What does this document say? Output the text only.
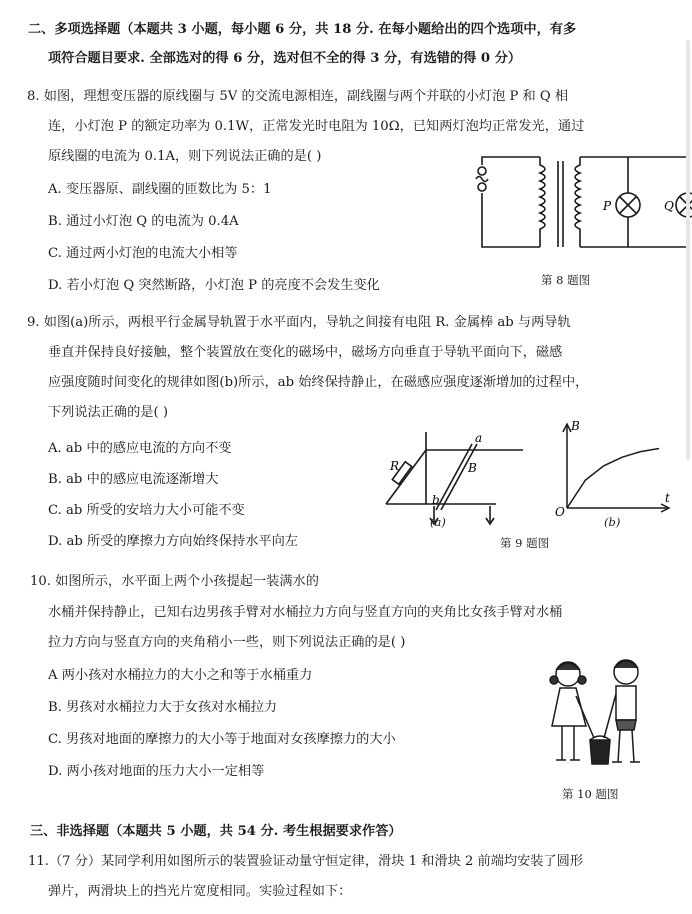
二、多项选择题（本题共 3 小题，每小题 6 分，共 18 分. 在每小题给出的四个选项中，有多
项符合题目要求. 全部选对的得 6 分，选对但不全的得 3 分，有选错的得 0 分）
8. 如图，理想变压器的原线圈与 5V 的交流电源相连，副线圈与两个并联的小灯泡 P 和 Q 相
连，小灯泡 P 的额定功率为 0.1W，正常发光时电阻为 10Ω，已知两灯泡均正常发光，通过
原线圈的电流为 0.1A，则下列说法正确的是( )
A. 变压器原、副线圈的匝数比为 5：1
B. 通过小灯泡 Q 的电流为 0.4A
C. 通过两小灯泡的电流大小相等
D. 若小灯泡 Q 突然断路，小灯泡 P 的亮度不会发生变化
P	Q
第 8 题图
9. 如图(a)所示，两根平行金属导轨置于水平面内，导轨之间接有电阻 R. 金属棒 ab 与两导轨
垂直并保持良好接触，整个装置放在变化的磁场中，磁场方向垂直于导轨平面向下，磁感
应强度随时间变化的规律如图(b)所示，ab 始终保持静止，在磁感应强度逐渐增加的过程中，
下列说法正确的是( )
A. ab 中的感应电流的方向不变
B. ab 中的感应电流逐渐增大
C. ab 所受的安培力大小可能不变
D. ab 所受的摩擦力方向始终保持水平向左
R
a
B
b
(a)
B
O
t
(b)
第 9 题图
10. 如图所示，水平面上两个小孩提起一装满水的
水桶并保持静止，已知右边男孩手臂对水桶拉力方向与竖直方向的夹角比女孩手臂对水桶
拉力方向与竖直方向的夹角稍小一些，则下列说法正确的是( )
A 两小孩对水桶拉力的大小之和等于水桶重力
B. 男孩对水桶拉力大于女孩对水桶拉力
C. 男孩对地面的摩擦力的大小等于地面对女孩摩擦力的大小
D. 两小孩对地面的压力大小一定相等
第 10 题图
三、非选择题（本题共 5 小题，共 54 分. 考生根据要求作答）
11.（7 分）某同学利用如图所示的装置验证动量守恒定律，滑块 1 和滑块 2 前端均安装了圆形
弹片，两滑块上的挡光片宽度相同。实验过程如下：
